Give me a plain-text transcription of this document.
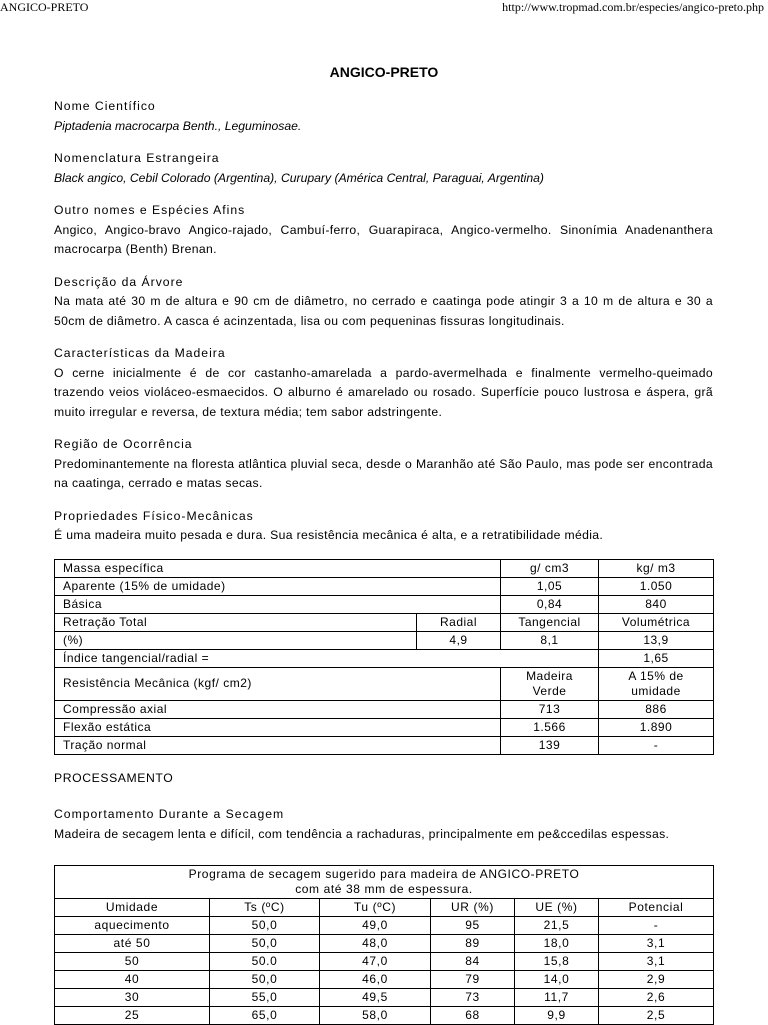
ANGICO-PRETO	http://www.tropmad.com.br/especies/angico-preto.php
ANGICO-PRETO
Nome Científico
Piptadenia macrocarpa Benth., Leguminosae.
Nomenclatura Estrangeira
Black angico, Cebil Colorado (Argentina), Curupary (América Central, Paraguai, Argentina)
Outro nomes e Espécies Afins
Angico, Angico-bravo Angico-rajado, Cambuí-ferro, Guarapiraca, Angico-vermelho. Sinonímia Anadenanthera macrocarpa (Benth) Brenan.
Descrição da Árvore
Na mata até 30 m de altura e 90 cm de diâmetro, no cerrado e caatinga pode atingir 3 a 10 m de altura e 30 a 50cm de diâmetro. A casca é acinzentada, lisa ou com pequeninas fissuras longitudinais.
Características da Madeira
O cerne inicialmente é de cor castanho-amarelada a pardo-avermelhada e finalmente vermelho-queimado trazendo veios violáceo-esmaecidos. O alburno é amarelado ou rosado. Superfície pouco lustrosa e áspera, grã muito irregular e reversa, de textura média; tem sabor adstringente.
Região de Ocorrência
Predominantemente na floresta atlântica pluvial seca, desde o Maranhão até São Paulo, mas pode ser encontrada na caatinga, cerrado e matas secas.
Propriedades Físico-Mecânicas
É uma madeira muito pesada e dura. Sua resistência mecânica é alta, e a retratibilidade média.
Massa específica		g/ cm3	kg/ m3
Aparente (15% de umidade)		1,05	1.050
Básica		0,84	840
Retração Total	Radial	Tangencial	Volumétrica
(%)	4,9	8,1	13,9
Índice tangencial/radial =			1,65
Resistência Mecânica (kgf/ cm2)		Madeira Verde	A 15% de umidade
Compressão axial		713	886
Flexão estática		1.566	1.890
Tração normal		139	-
PROCESSAMENTO
Comportamento Durante a Secagem
Madeira de secagem lenta e difícil, com tendência a rachaduras, principalmente em pe&ccedilas espessas.
Programa de secagem sugerido para madeira de ANGICO-PRETO
com até 38 mm de espessura.					

Umidade	Ts (ºC)	Tu (ºC)	UR (%)	UE (%)	Potencial
aquecimento	50,0	49,0	95	21,5	-
até 50	50,0	48,0	89	18,0	3,1
50	50.0	47,0	84	15,8	3,1
40	50,0	46,0	79	14,0	2,9
30	55,0	49,5	73	11,7	2,6
25	65,0	58,0	68	9,9	2,5
